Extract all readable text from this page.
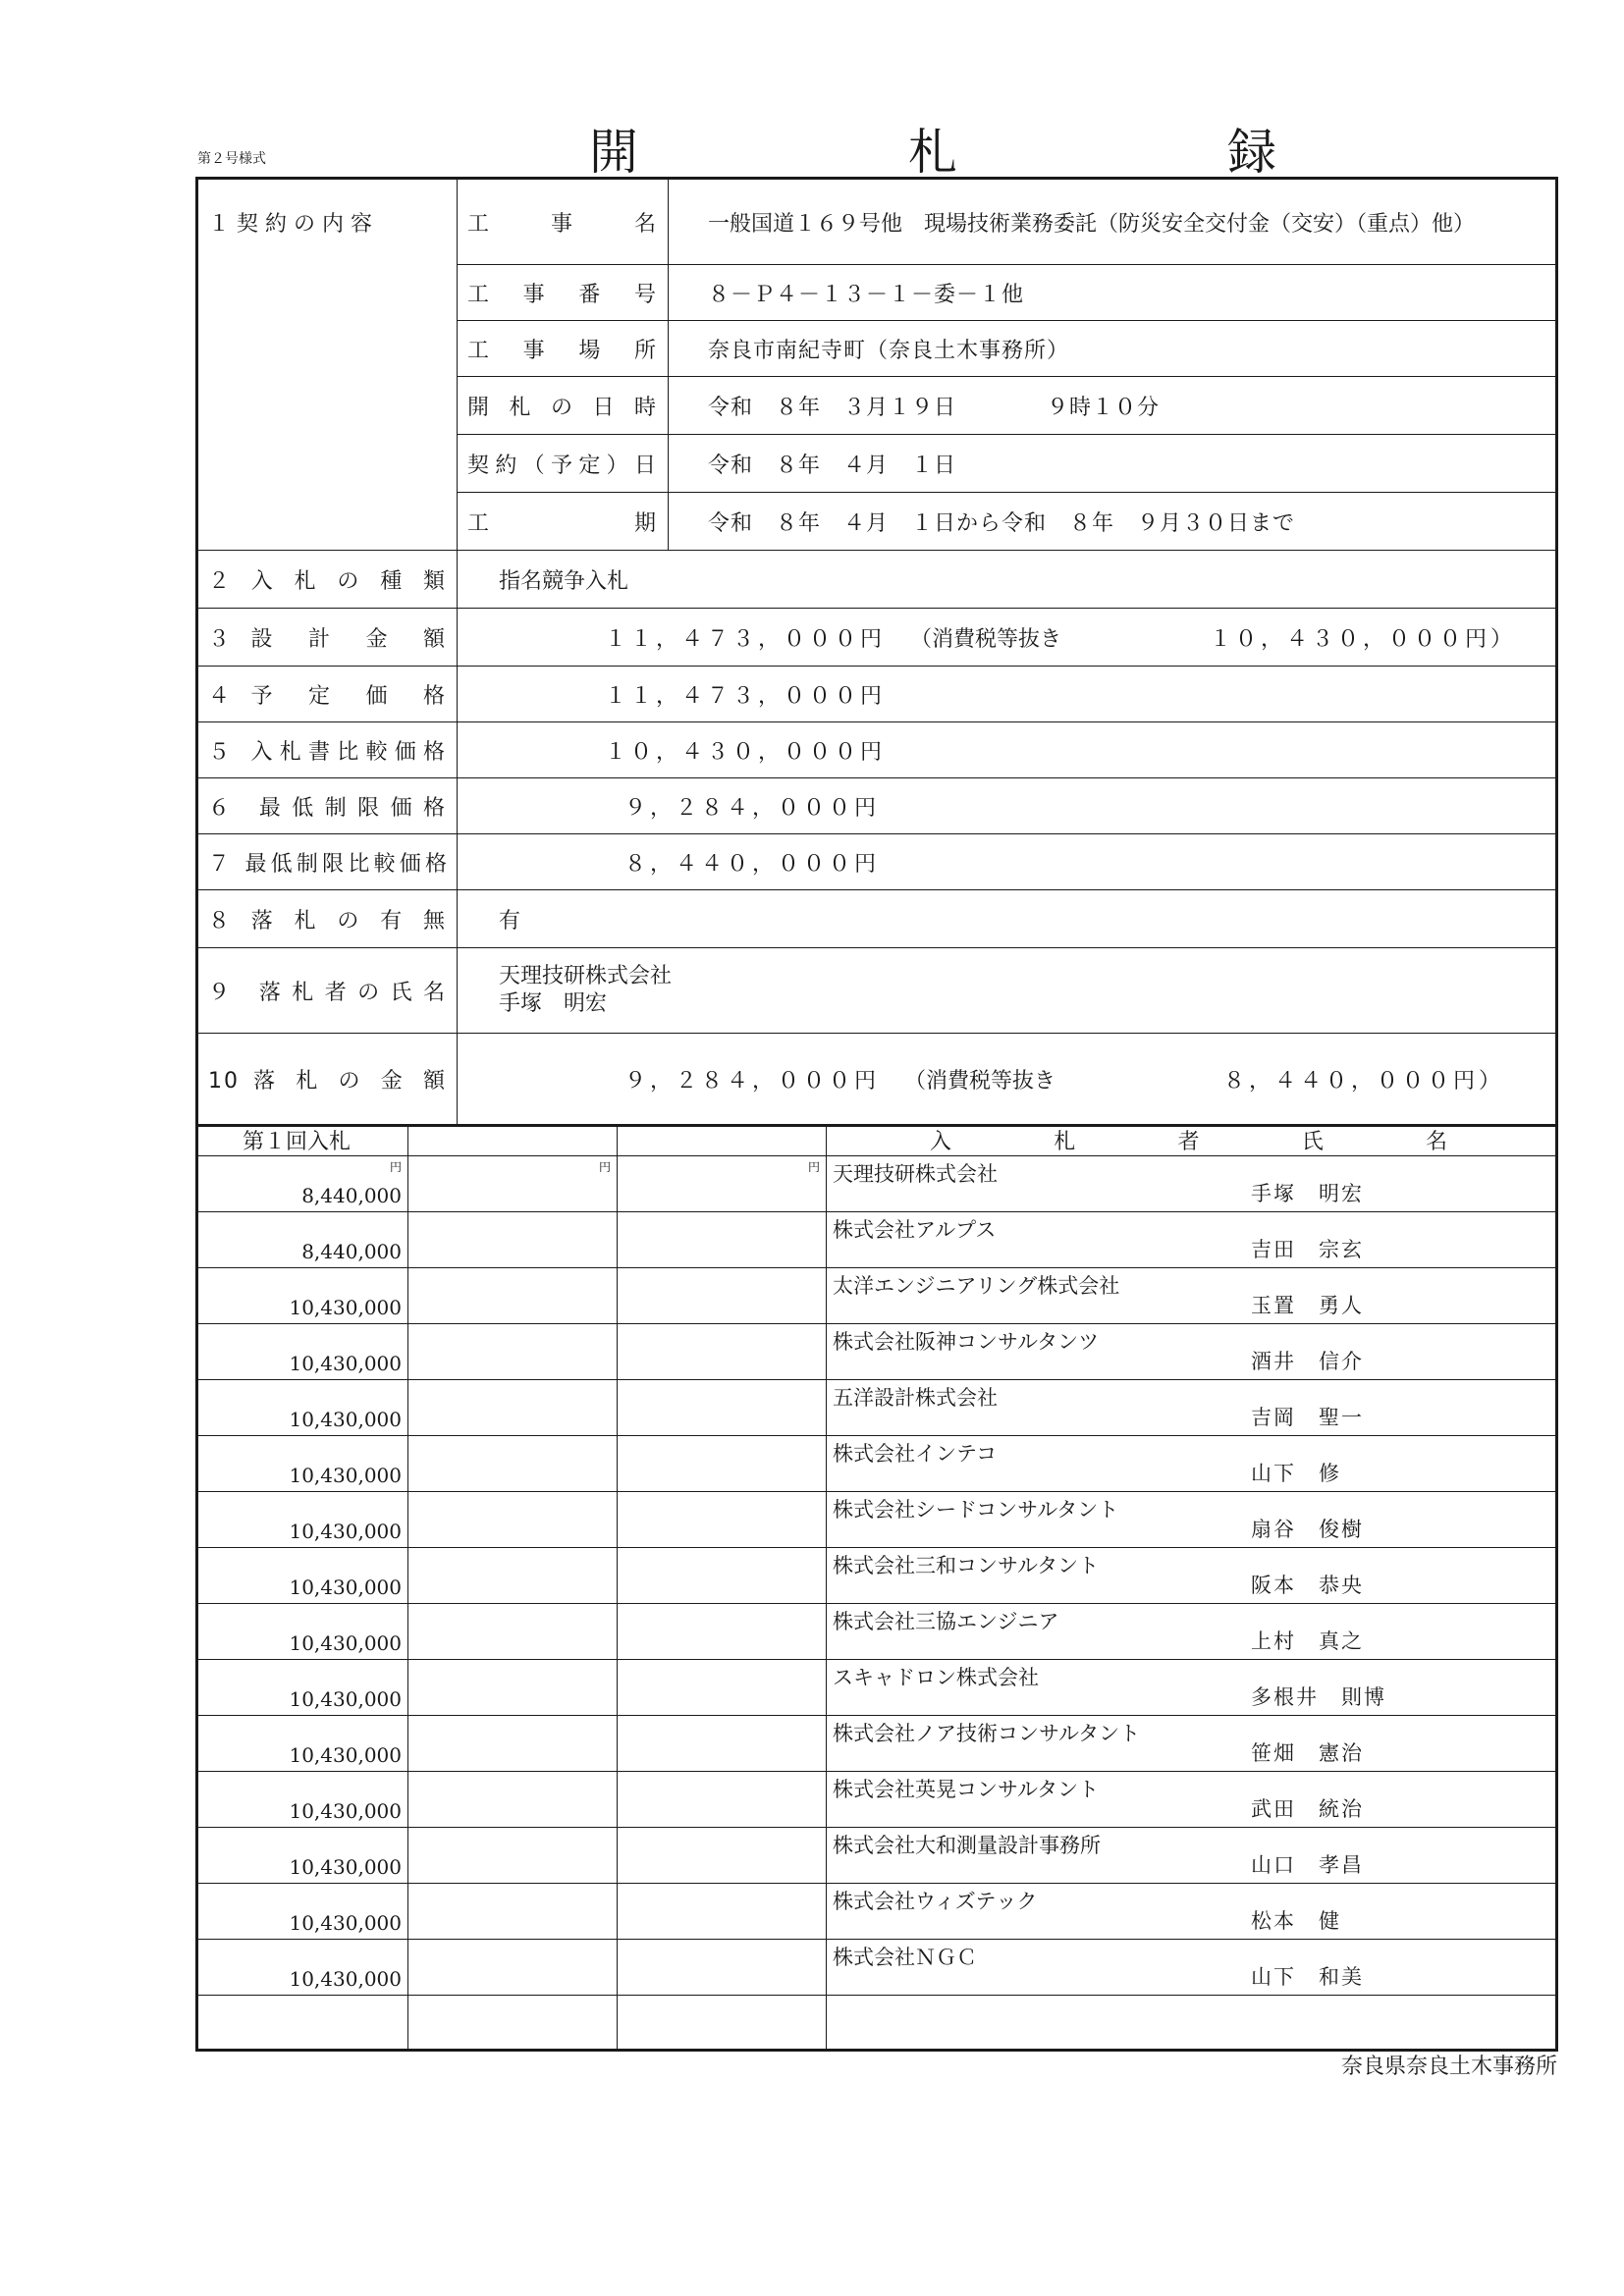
第２号様式	開	札	録
１ 契 約 の 内 容	工　　事　　名	一般国道１６９号他　現場技術業務委託（防災安全交付金（交安）（重点）他）
	工　事　番　号	８－Ｐ４－１３－１－委－１他
	工　事　場　所	奈良市南紀寺町（奈良土木事務所）
	開 札 の 日 時	令和　８年　３月１９日　　　　９時１０分
	契約（予定）日	令和　８年　４月　１日
	工　　　　　期	令和　８年　４月　１日から令和　８年　９月３０日まで
２ 入 札 の 種 類	指名競争入札	
３ 設　計　金　額	１１，４７３，０００円 （消費税等抜き １０，４３０，０００円）	
４ 予　定　価　格	１１，４７３，０００円	
５ 入札書比較価格	１０，４３０，０００円	
６ 最低制限価格	９，２８４，０００円	
７ 最低制限比較価格	８，４４０，０００円	
８ 落 札 の 有 無	有	
９ 落札者の氏名	天理技研株式会社
手塚　明宏	

10 落 札 の 金 額	９，２８４，０００円 （消費税等抜き ８，４４０，０００円）	
第１回入札			入 札 者 氏 名

円
8,440,000	円	円	天理技研株式会社
手塚　明宏

8,440,000			株式会社アルプス
吉田　宗玄

10,430,000			太洋エンジニアリング株式会社
玉置　勇人

10,430,000			株式会社阪神コンサルタンツ
酒井　信介

10,430,000			五洋設計株式会社
吉岡　聖一

10,430,000			株式会社インテコ
山下　修

10,430,000			株式会社シードコンサルタント
扇谷　俊樹

10,430,000			株式会社三和コンサルタント
阪本　恭央

10,430,000			株式会社三協エンジニア
上村　真之

10,430,000			スキャドロン株式会社
多根井　則博

10,430,000			株式会社ノア技術コンサルタント
笹畑　憲治

10,430,000			株式会社英晃コンサルタント
武田　統治

10,430,000			株式会社大和測量設計事務所
山口　孝昌

10,430,000			株式会社ウィズテック
松本　健

10,430,000			株式会社ＮＧＣ
山下　和美

奈良県奈良土木事務所
